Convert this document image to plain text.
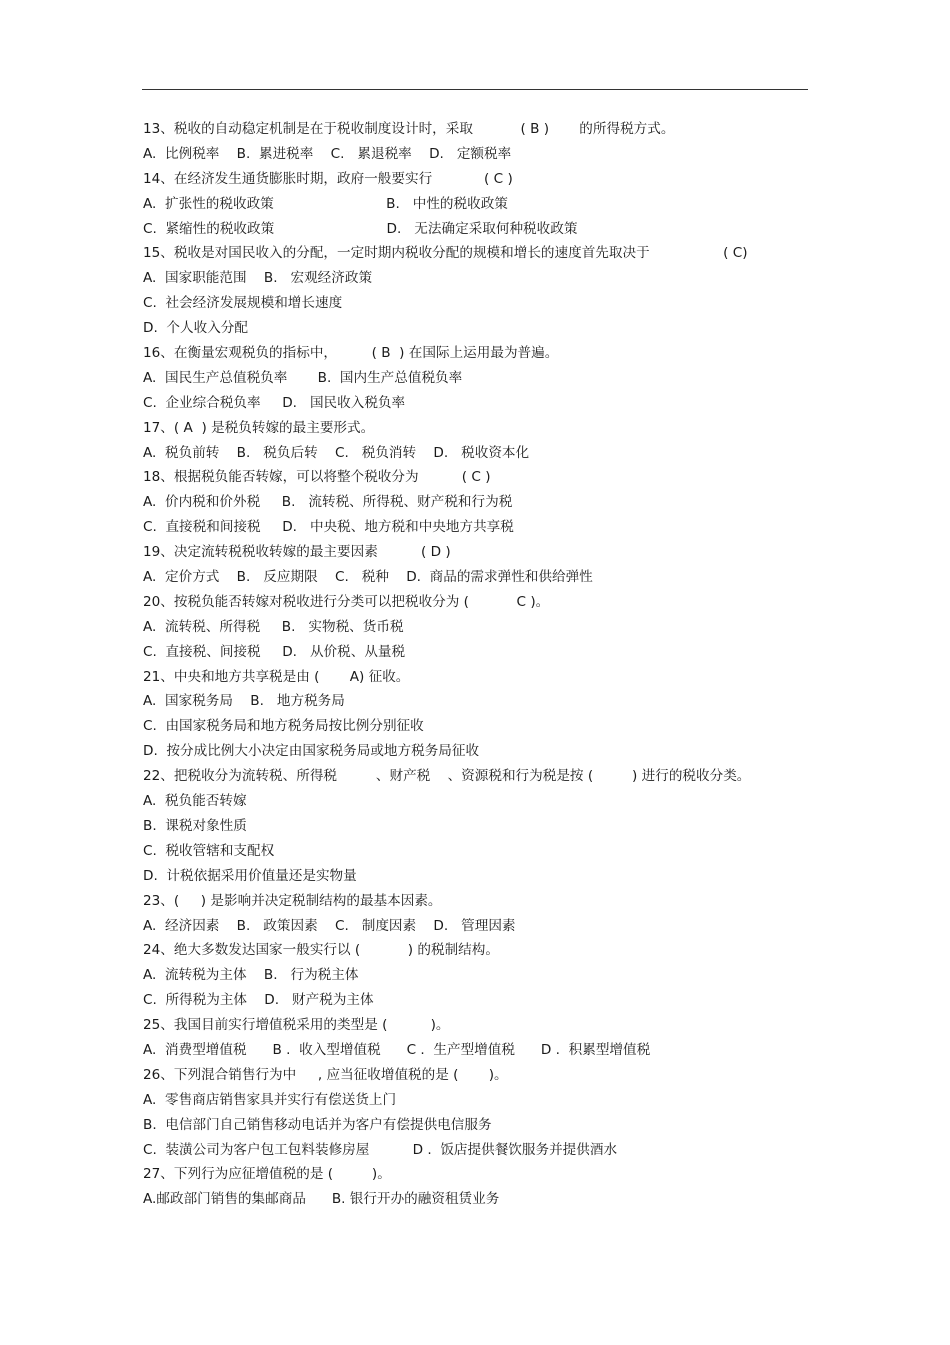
13、税收的自动稳定机制是在于税收制度设计时，采取           ( B )       的所得税方式。
A.  比例税率    B.  累进税率    C.   累退税率    D.   定额税率
14、在经济发生通货膨胀时期，政府一般要实行            ( C )
A.  扩张性的税收政策                          B.   中性的税收政策
C.  紧缩性的税收政策                          D.   无法确定采取何种税收政策
15、税收是对国民收入的分配，一定时期内税收分配的规模和增长的速度首先取决于                 ( C)
A.  国家职能范围    B.   宏观经济政策
C.  社会经济发展规模和增长速度
D.  个人收入分配
16、在衡量宏观税负的指标中，        ( B  ) 在国际上运用最为普遍。
A.  国民生产总值税负率       B.  国内生产总值税负率
C.  企业综合税负率     D.   国民收入税负率
17、( A  ) 是税负转嫁的最主要形式。
A.  税负前转    B.   税负后转    C.   税负消转    D.   税收资本化
18、根据税负能否转嫁，可以将整个税收分为          ( C )
A.  价内税和价外税     B.   流转税、所得税、财产税和行为税
C.  直接税和间接税     D.   中央税、地方税和中央地方共享税
19、决定流转税税收转嫁的最主要因素          ( D )
A.  定价方式    B.   反应期限    C.   税种    D.  商品的需求弹性和供给弹性
20、按税负能否转嫁对税收进行分类可以把税收分为 (           C )。
A.  流转税、所得税     B.   实物税、货币税
C.  直接税、间接税     D.   从价税、从量税
21、中央和地方共享税是由 (       A) 征收。
A.  国家税务局    B.   地方税务局
C.  由国家税务局和地方税务局按比例分别征收
D.  按分成比例大小决定由国家税务局或地方税务局征收
22、把税收分为流转税、所得税         、财产税    、资源税和行为税是按 (         ) 进行的税收分类。
A.  税负能否转嫁
B.  课税对象性质
C.  税收管辖和支配权
D.  计税依据采用价值量还是实物量
23、(     ) 是影响并决定税制结构的最基本因素。
A.  经济因素    B.   政策因素    C.   制度因素    D.   管理因素
24、绝大多数发达国家一般实行以 (           ) 的税制结构。
A.  流转税为主体    B.   行为税主体
C.  所得税为主体    D.   财产税为主体
25、我国目前实行增值税采用的类型是 (          )。
A.  消费型增值税      B .  收入型增值税      C .  生产型增值税      D .  积累型增值税
26、下列混合销售行为中     , 应当征收增值税的是 (       )。
A.  零售商店销售家具并实行有偿送货上门
B.  电信部门自己销售移动电话并为客户有偿提供电信服务
C.  装潢公司为客户包工包料装修房屋          D .  饭店提供餐饮服务并提供酒水
27、下列行为应征增值税的是 (         )。
A.邮政部门销售的集邮商品      B. 银行开办的融资租赁业务
